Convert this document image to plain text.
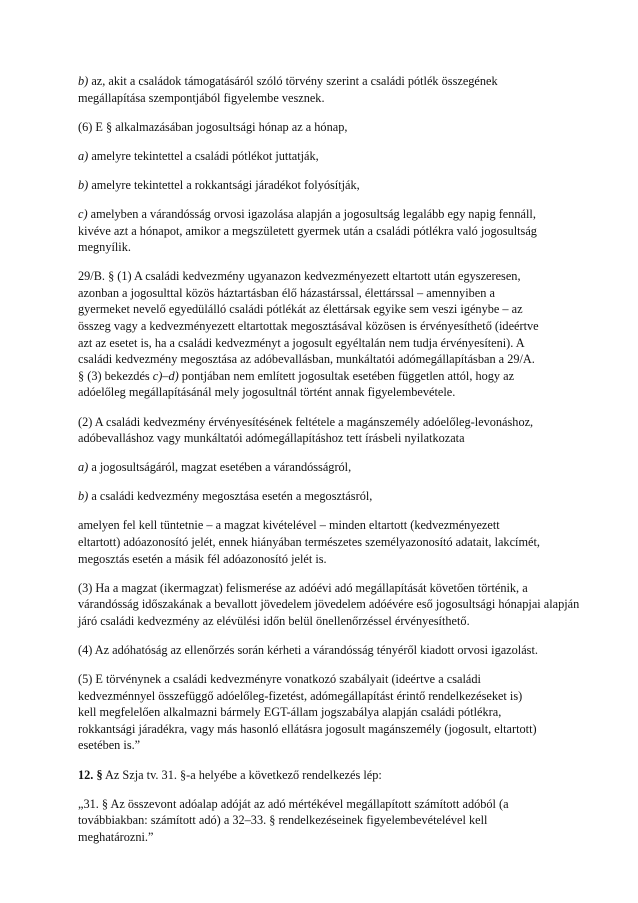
b) az, akit a családok támogatásáról szóló törvény szerint a családi pótlék összegének
megállapítása szempontjából figyelembe vesznek.

(6) E § alkalmazásában jogosultsági hónap az a hónap,

a) amelyre tekintettel a családi pótlékot juttatják,

b) amelyre tekintettel a rokkantsági járadékot folyósítják,

c) amelyben a várandósság orvosi igazolása alapján a jogosultság legalább egy napig fennáll,
kivéve azt a hónapot, amikor a megszületett gyermek után a családi pótlékra való jogosultság
megnyílik.

29/B. § (1) A családi kedvezmény ugyanazon kedvezményezett eltartott után egyszeresen,
azonban a jogosulttal közös háztartásban élő házastárssal, élettárssal – amennyiben a
gyermeket nevelő egyedülálló családi pótlékát az élettársak egyike sem veszi igénybe – az
összeg vagy a kedvezményezett eltartottak megosztásával közösen is érvényesíthető (ideértve
azt az esetet is, ha a családi kedvezményt a jogosult egyéltalán nem tudja érvényesíteni). A
családi kedvezmény megosztása az adóbevallásban, munkáltatói adómegállapításban a 29/A.
§ (3) bekezdés c)–d) pontjában nem említett jogosultak esetében független attól, hogy az
adóelőleg megállapításánál mely jogosultnál történt annak figyelembevétele.

(2) A családi kedvezmény érvényesítésének feltétele a magánszemély adóelőleg-levonáshoz,
adóbevalláshoz vagy munkáltatói adómegállapításhoz tett írásbeli nyilatkozata

a) a jogosultságáról, magzat esetében a várandósságról,

b) a családi kedvezmény megosztása esetén a megosztásról,

amelyen fel kell tüntetnie – a magzat kivételével – minden eltartott (kedvezményezett
eltartott) adóazonosító jelét, ennek hiányában természetes személyazonosító adatait, lakcímét,
megosztás esetén a másik fél adóazonosító jelét is.

(3) Ha a magzat (ikermagzat) felismerése az adóévi adó megállapítását követően történik, a
várandósság időszakának a bevallott jövedelem jövedelem adóévére eső jogosultsági hónapjai alapján
járó családi kedvezmény az elévülési időn belül önellenőrzéssel érvényesíthető.

(4) Az adóhatóság az ellenőrzés során kérheti a várandósság tényéről kiadott orvosi igazolást.

(5) E törvénynek a családi kedvezményre vonatkozó szabályait (ideértve a családi
kedvezménnyel összefüggő adóelőleg-fizetést, adómegállapítást érintő rendelkezéseket is)
kell megfelelően alkalmazni bármely EGT-állam jogszabálya alapján családi pótlékra,
rokkantsági járadékra, vagy más hasonló ellátásra jogosult magánszemély (jogosult, eltartott)
esetében is.”

12. § Az Szja tv. 31. §-a helyébe a következő rendelkezés lép:

„31. § Az összevont adóalap adóját az adó mértékével megállapított számított adóból (a
továbbiakban: számított adó) a 32–33. § rendelkezéseinek figyelembevételével kell
meghatározni.”
